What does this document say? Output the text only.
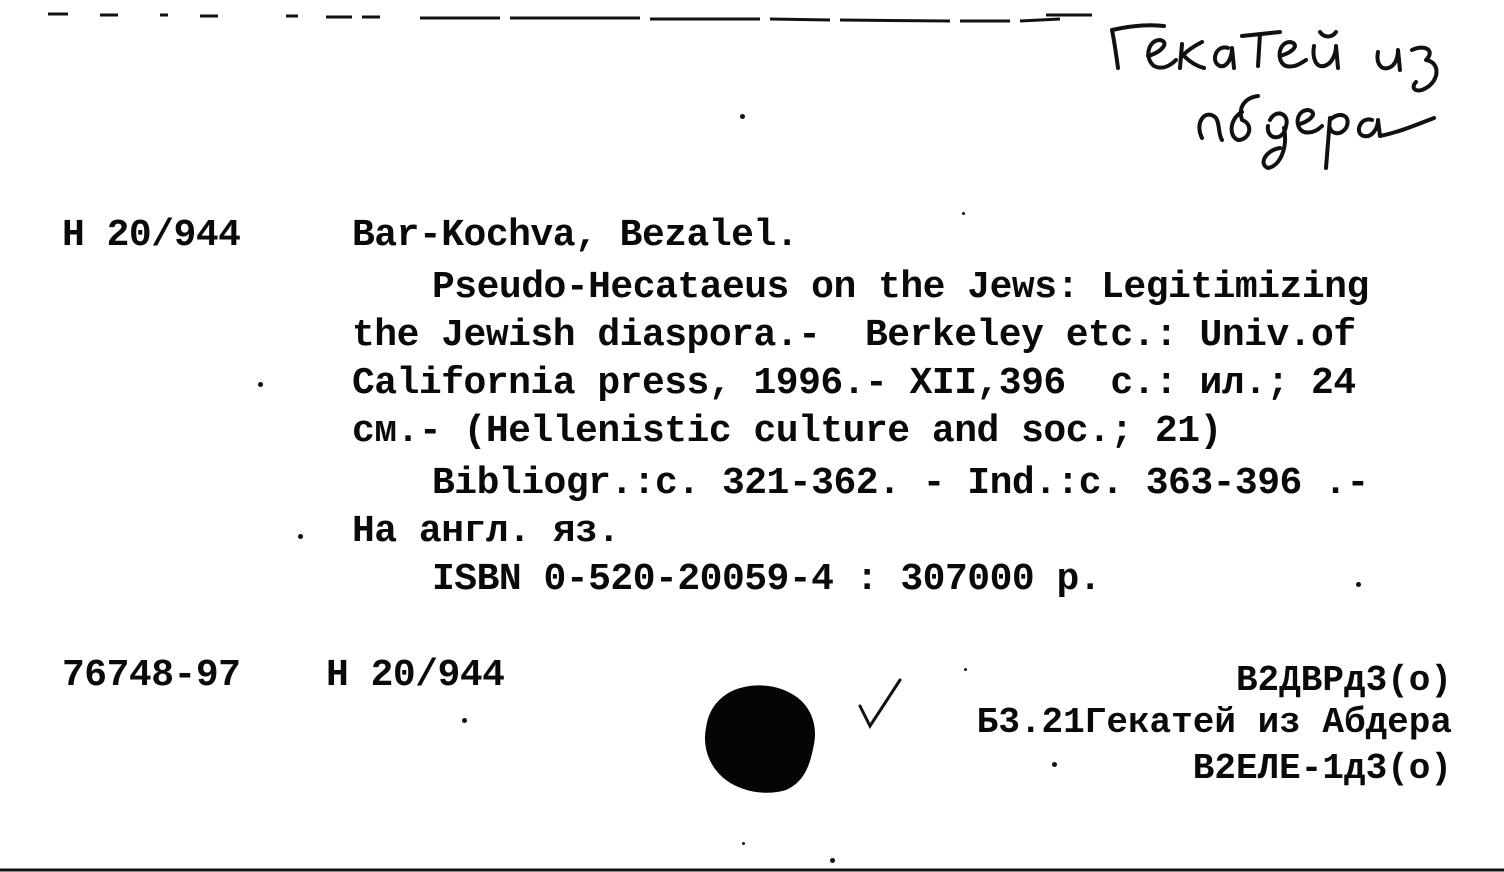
H 20/944	Bar-Kochva, Bezalel.
Pseudo-Hecataeus on the Jews: Legitimizing
the Jewish diaspora.-  Berkeley etc.: Univ.of
California press, 1996.- XII,396  с.: ил.; 24
см.- (Hellenistic culture and soc.; 21)
Bibliogr.:c. 321-362. - Ind.:c. 363-396 .-
На англ. яз.
ISBN 0-520-20059-4 : 307000 р.
76748-97 H 20/944	В2ДВРд3(о)
Б3.21Гекатей из Абдера
В2ЕЛЕ-1д3(о)
